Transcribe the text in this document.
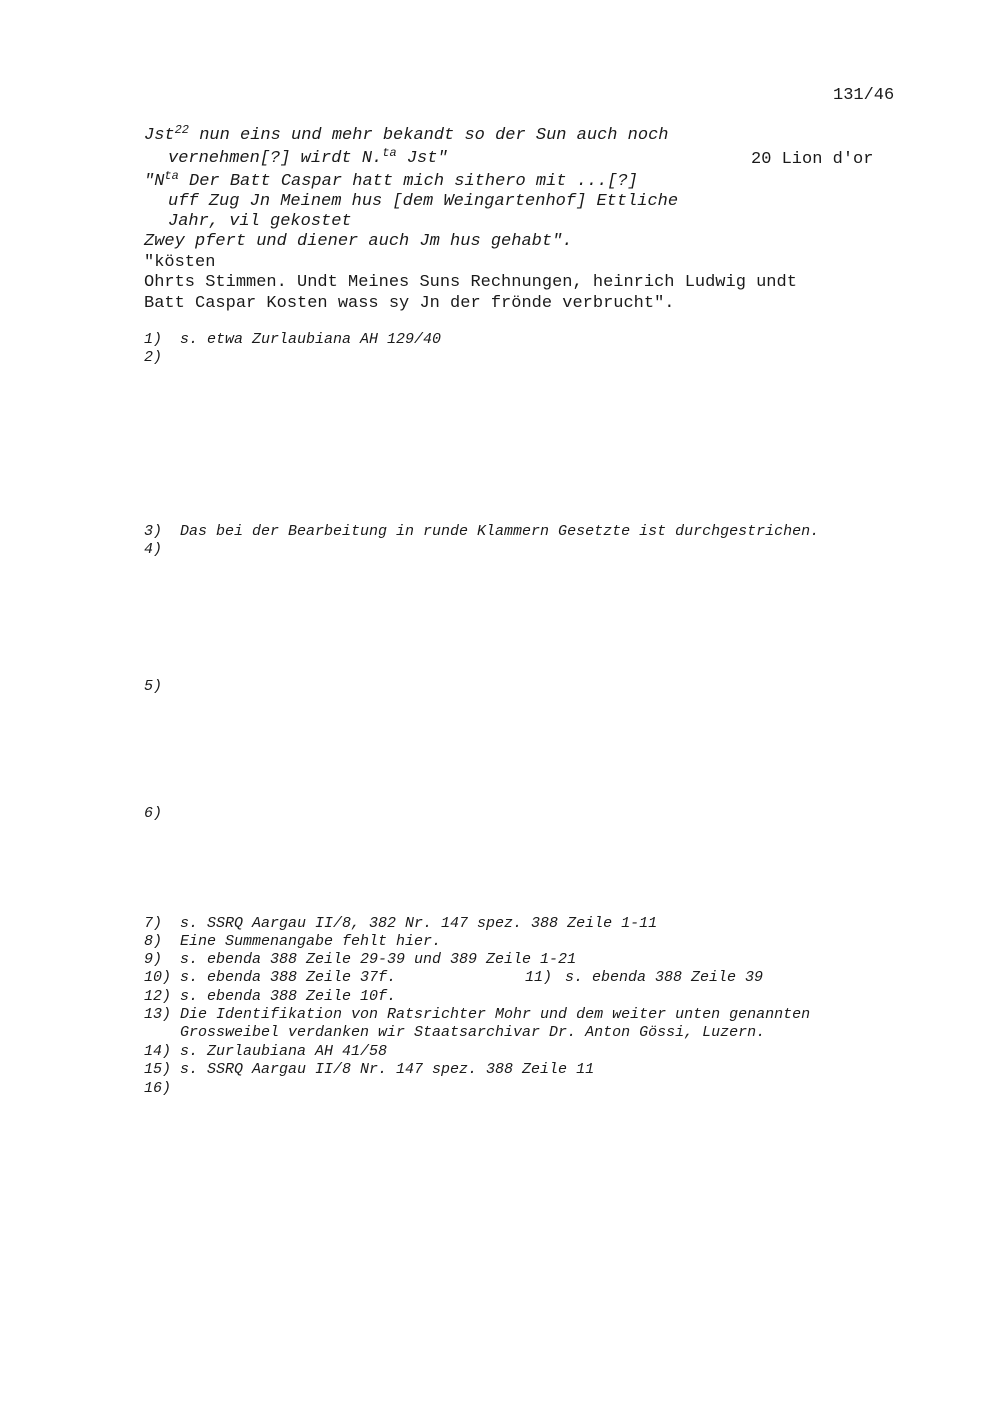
131/46
Jst$^{22}$ nun eins und mehr bekandt so der Sun auch noch
vernehmen[?] wirdt N.$^{ta}$ Jst"	20 Lion d'or
"$N^{ta}$ Der Batt Caspar hatt mich sithero mit ...[?]
uff Zug Jn Meinem hus [dem Weingartenhof] Ettliche
Jahr, vil gekostet
Zwey pfert und diener auch Jm hus gehabt".
"kösten
Ohrts Stimmen. Undt Meines Suns Rechnungen, heinrich Ludwig undt
Batt Caspar Kosten wass sy Jn der frönde verbrucht".
1) s. etwa Zurlaubiana AH 129/40
2)
3) Das bei der Bearbeitung in runde Klammern Gesetzte ist durchgestrichen.
4)
5)
6)
7) s. SSRQ Aargau II/8, 382 Nr. 147 spez. 388 Zeile 1-11
8) Eine Summenangabe fehlt hier.
9) s. ebenda 388 Zeile 29-39 und 389 Zeile 1-21
10) s. ebenda 388 Zeile 37f.	11) s. ebenda 388 Zeile 39
12) s. ebenda 388 Zeile 10f.
13) Die Identifikation von Ratsrichter Mohr und dem weiter unten genannten
Grossweibel verdanken wir Staatsarchivar Dr. Anton Gössi, Luzern.
14) s. Zurlaubiana AH 41/58
15) s. SSRQ Aargau II/8 Nr. 147 spez. 388 Zeile 11
16)
